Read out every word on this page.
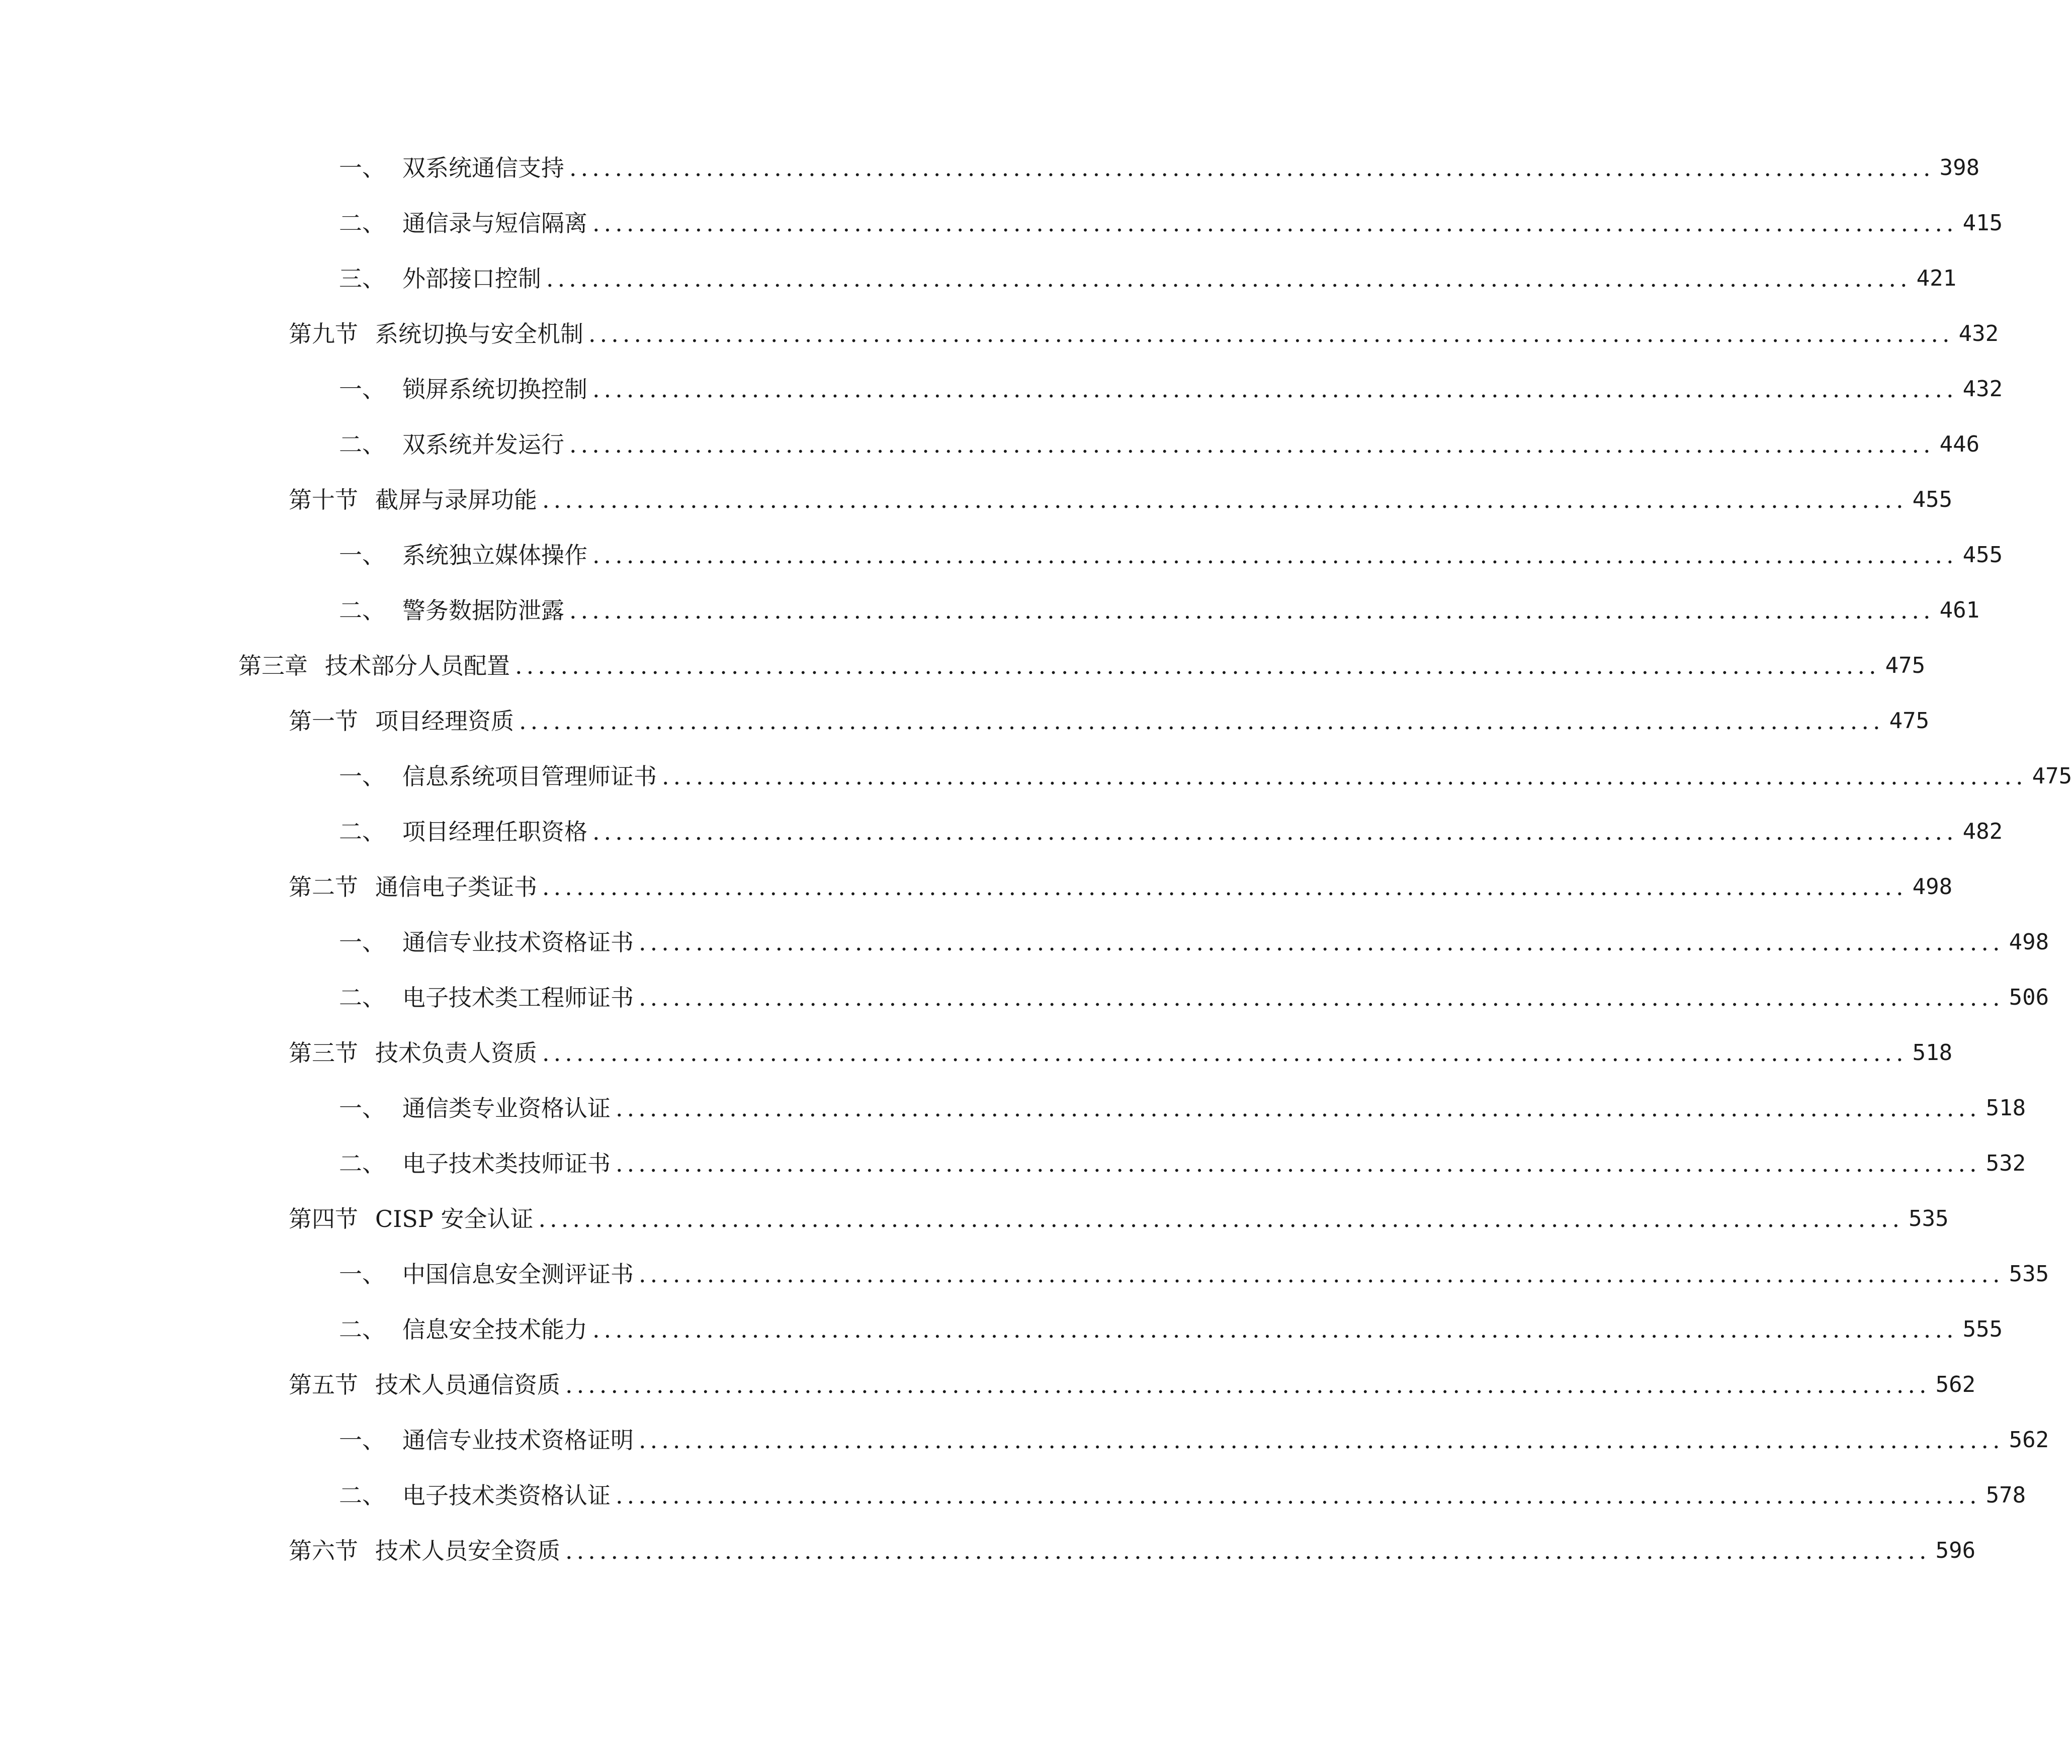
一、 双系统通信支持 ........................................................................................................................ 398
二、 通信录与短信隔离 ........................................................................................................................ 415
三、 外部接口控制 ........................................................................................................................ 421
第九节 系统切换与安全机制 ........................................................................................................................ 432
一、 锁屏系统切换控制 ........................................................................................................................ 432
二、 双系统并发运行 ........................................................................................................................ 446
第十节 截屏与录屏功能 ........................................................................................................................ 455
一、 系统独立媒体操作 ........................................................................................................................ 455
二、 警务数据防泄露 ........................................................................................................................ 461
第三章 技术部分人员配置 ........................................................................................................................ 475
第一节 项目经理资质 ........................................................................................................................ 475
一、 信息系统项目管理师证书 ........................................................................................................................ 475
二、 项目经理任职资格 ........................................................................................................................ 482
第二节 通信电子类证书 ........................................................................................................................ 498
一、 通信专业技术资格证书 ........................................................................................................................ 498
二、 电子技术类工程师证书 ........................................................................................................................ 506
第三节 技术负责人资质 ........................................................................................................................ 518
一、 通信类专业资格认证 ........................................................................................................................ 518
二、 电子技术类技师证书 ........................................................................................................................ 532
第四节 CISP 安全认证 ........................................................................................................................ 535
一、 中国信息安全测评证书 ........................................................................................................................ 535
二、 信息安全技术能力 ........................................................................................................................ 555
第五节 技术人员通信资质 ........................................................................................................................ 562
一、 通信专业技术资格证明 ........................................................................................................................ 562
二、 电子技术类资格认证 ........................................................................................................................ 578
第六节 技术人员安全资质 ........................................................................................................................ 596
